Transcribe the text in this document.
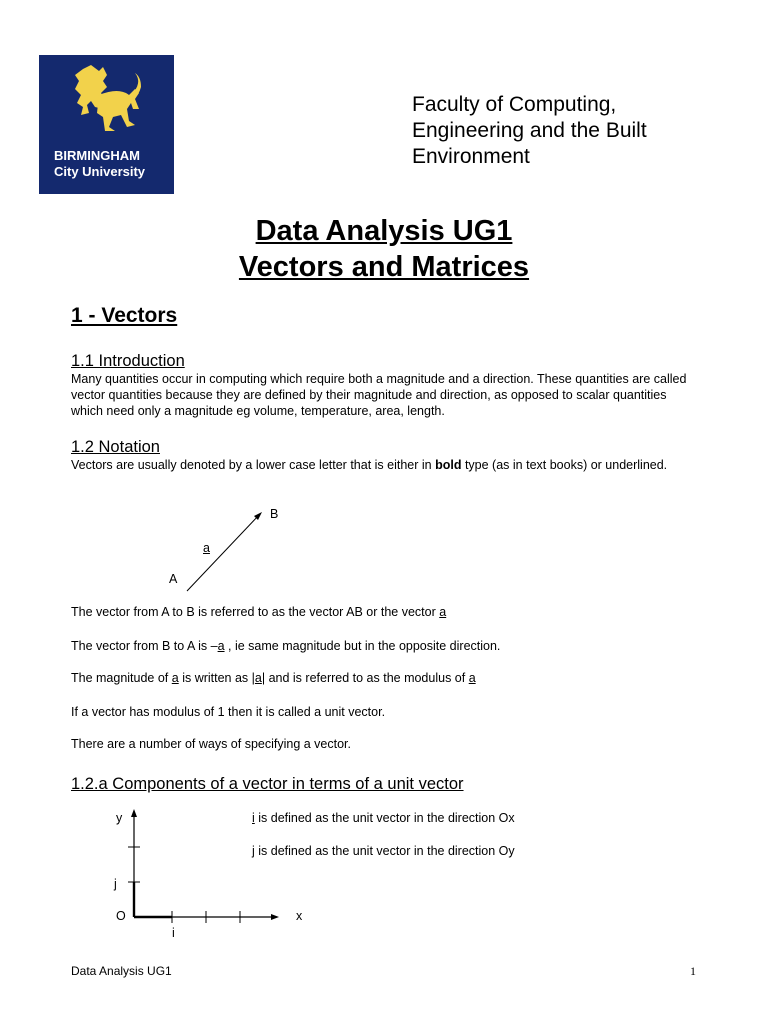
BIRMINGHAM
City University
Faculty of Computing,
Engineering and the Built
Environment
Data Analysis UG1
Vectors and Matrices
1 - Vectors
1.1 Introduction
Many quantities occur in computing which require both a magnitude and a direction. These quantities are called vector quantities because they are defined by their magnitude and direction, as opposed to scalar quantities which need only a magnitude eg volume, temperature, area, length.
1.2 Notation
Vectors are usually denoted by a lower case letter that is either in bold type (as in text books) or underlined.
B
a
A
The vector from A to B is referred to as the vector AB or the vector a
The vector from B to A is –a , ie same magnitude but in the opposite direction.
The magnitude of a is written as |a| and is referred to as the modulus of a
If a vector has modulus of 1 then it is called a unit vector.
There are a number of ways of specifying a vector.
1.2.a Components of a vector in terms of a unit vector
i is defined as the unit vector in the direction Ox
j is defined as the unit vector in the direction Oy
y
j
O
i
x
Data Analysis UG1	1
